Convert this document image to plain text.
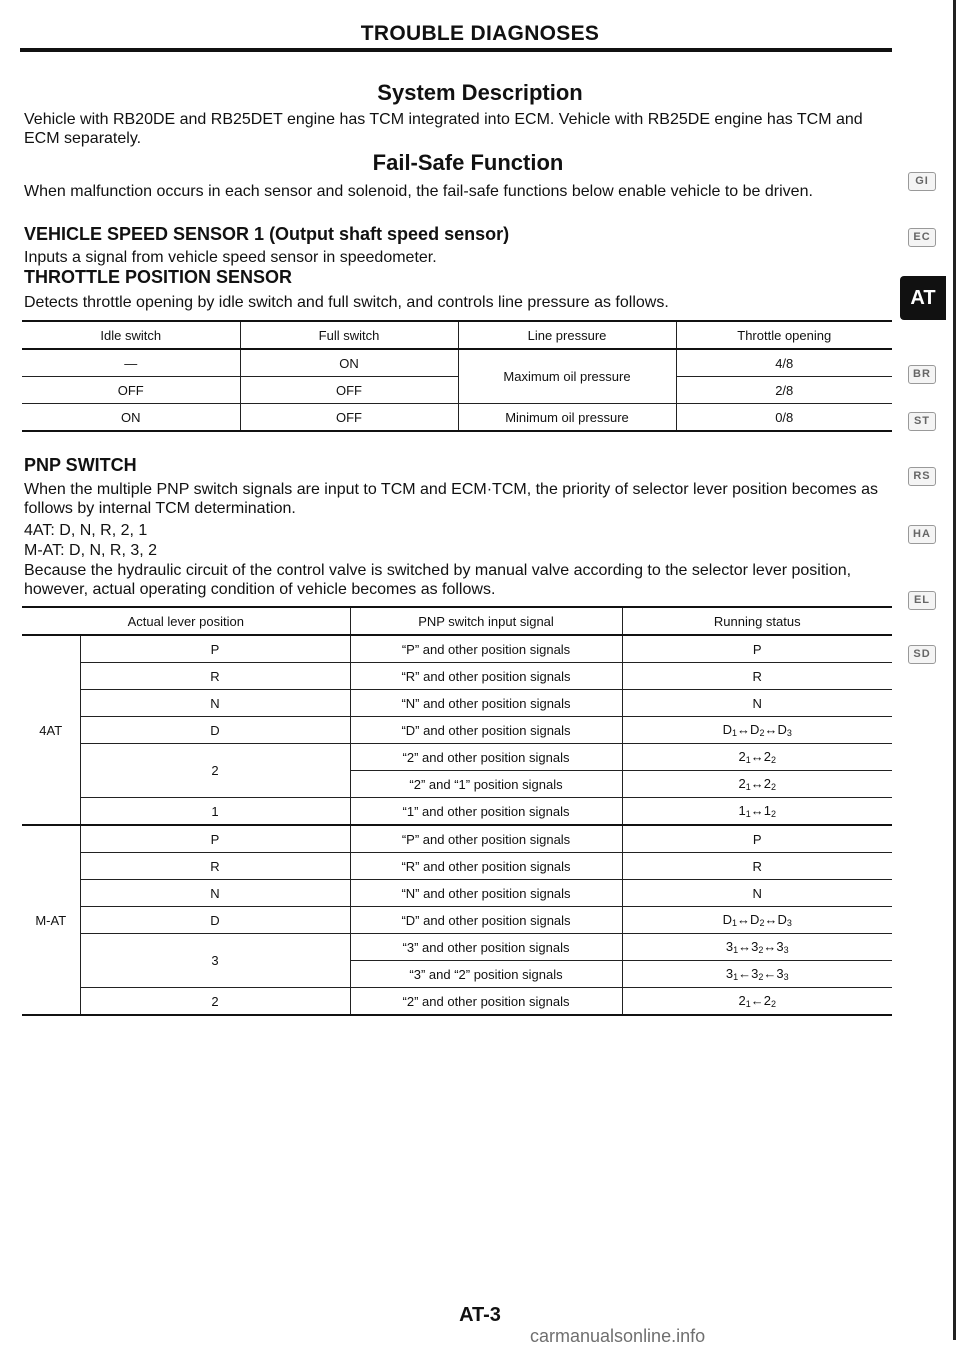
TROUBLE DIAGNOSES
System Description

Vehicle with RB20DE and RB25DET engine has TCM integrated into ECM. Vehicle with RB25DE engine has TCM and ECM separately.

Fail-Safe Function

When malfunction occurs in each sensor and solenoid, the fail-safe functions below enable vehicle to be driven.

VEHICLE SPEED SENSOR 1 (Output shaft speed sensor)

Inputs a signal from vehicle speed sensor in speedometer.

THROTTLE POSITION SENSOR

Detects throttle opening by idle switch and full switch, and controls line pressure as follows.

Idle switch	Full switch	Line pressure	Throttle opening
—	ON	Maximum oil pressure	4/8
OFF	OFF		2/8
ON	OFF	Minimum oil pressure	0/8
PNP SWITCH

When the multiple PNP switch signals are input to TCM and ECM·TCM, the priority of selector lever position becomes as follows by internal TCM determination.

4AT: D, N, R, 2, 1

M-AT: D, N, R, 3, 2

Because the hydraulic circuit of the control valve is switched by manual valve according to the selector lever position, however, actual operating condition of vehicle becomes as follows.

Actual lever position		PNP switch input signal	Running status
4AT	P	“P” and other position signals	P
	R	“R” and other position signals	R
	N	“N” and other position signals	N
	D	“D” and other position signals	$D_1\leftrightarrow D_2\leftrightarrow D_3$
	2	“2” and other position signals	$2_1\leftrightarrow 2_2$
		“2” and “1” position signals	$2_1\leftrightarrow 2_2$
	1	“1” and other position signals	$1_1\leftrightarrow 1_2$
M-AT	P	“P” and other position signals	P
	R	“R” and other position signals	R
	N	“N” and other position signals	N
	D	“D” and other position signals	$D_1\leftrightarrow D_2\leftrightarrow D_3$
	3	“3” and other position signals	$3_1\leftrightarrow 3_2\leftrightarrow 3_3$
		“3” and “2” position signals	$3_1\leftarrow 3_2\leftarrow 3_3$
	2	“2” and other position signals	$2_1\leftarrow 2_2$
GI
EC
AT
BR
ST
RS
HA
EL
SD
AT-3
carmanualsonline.info
